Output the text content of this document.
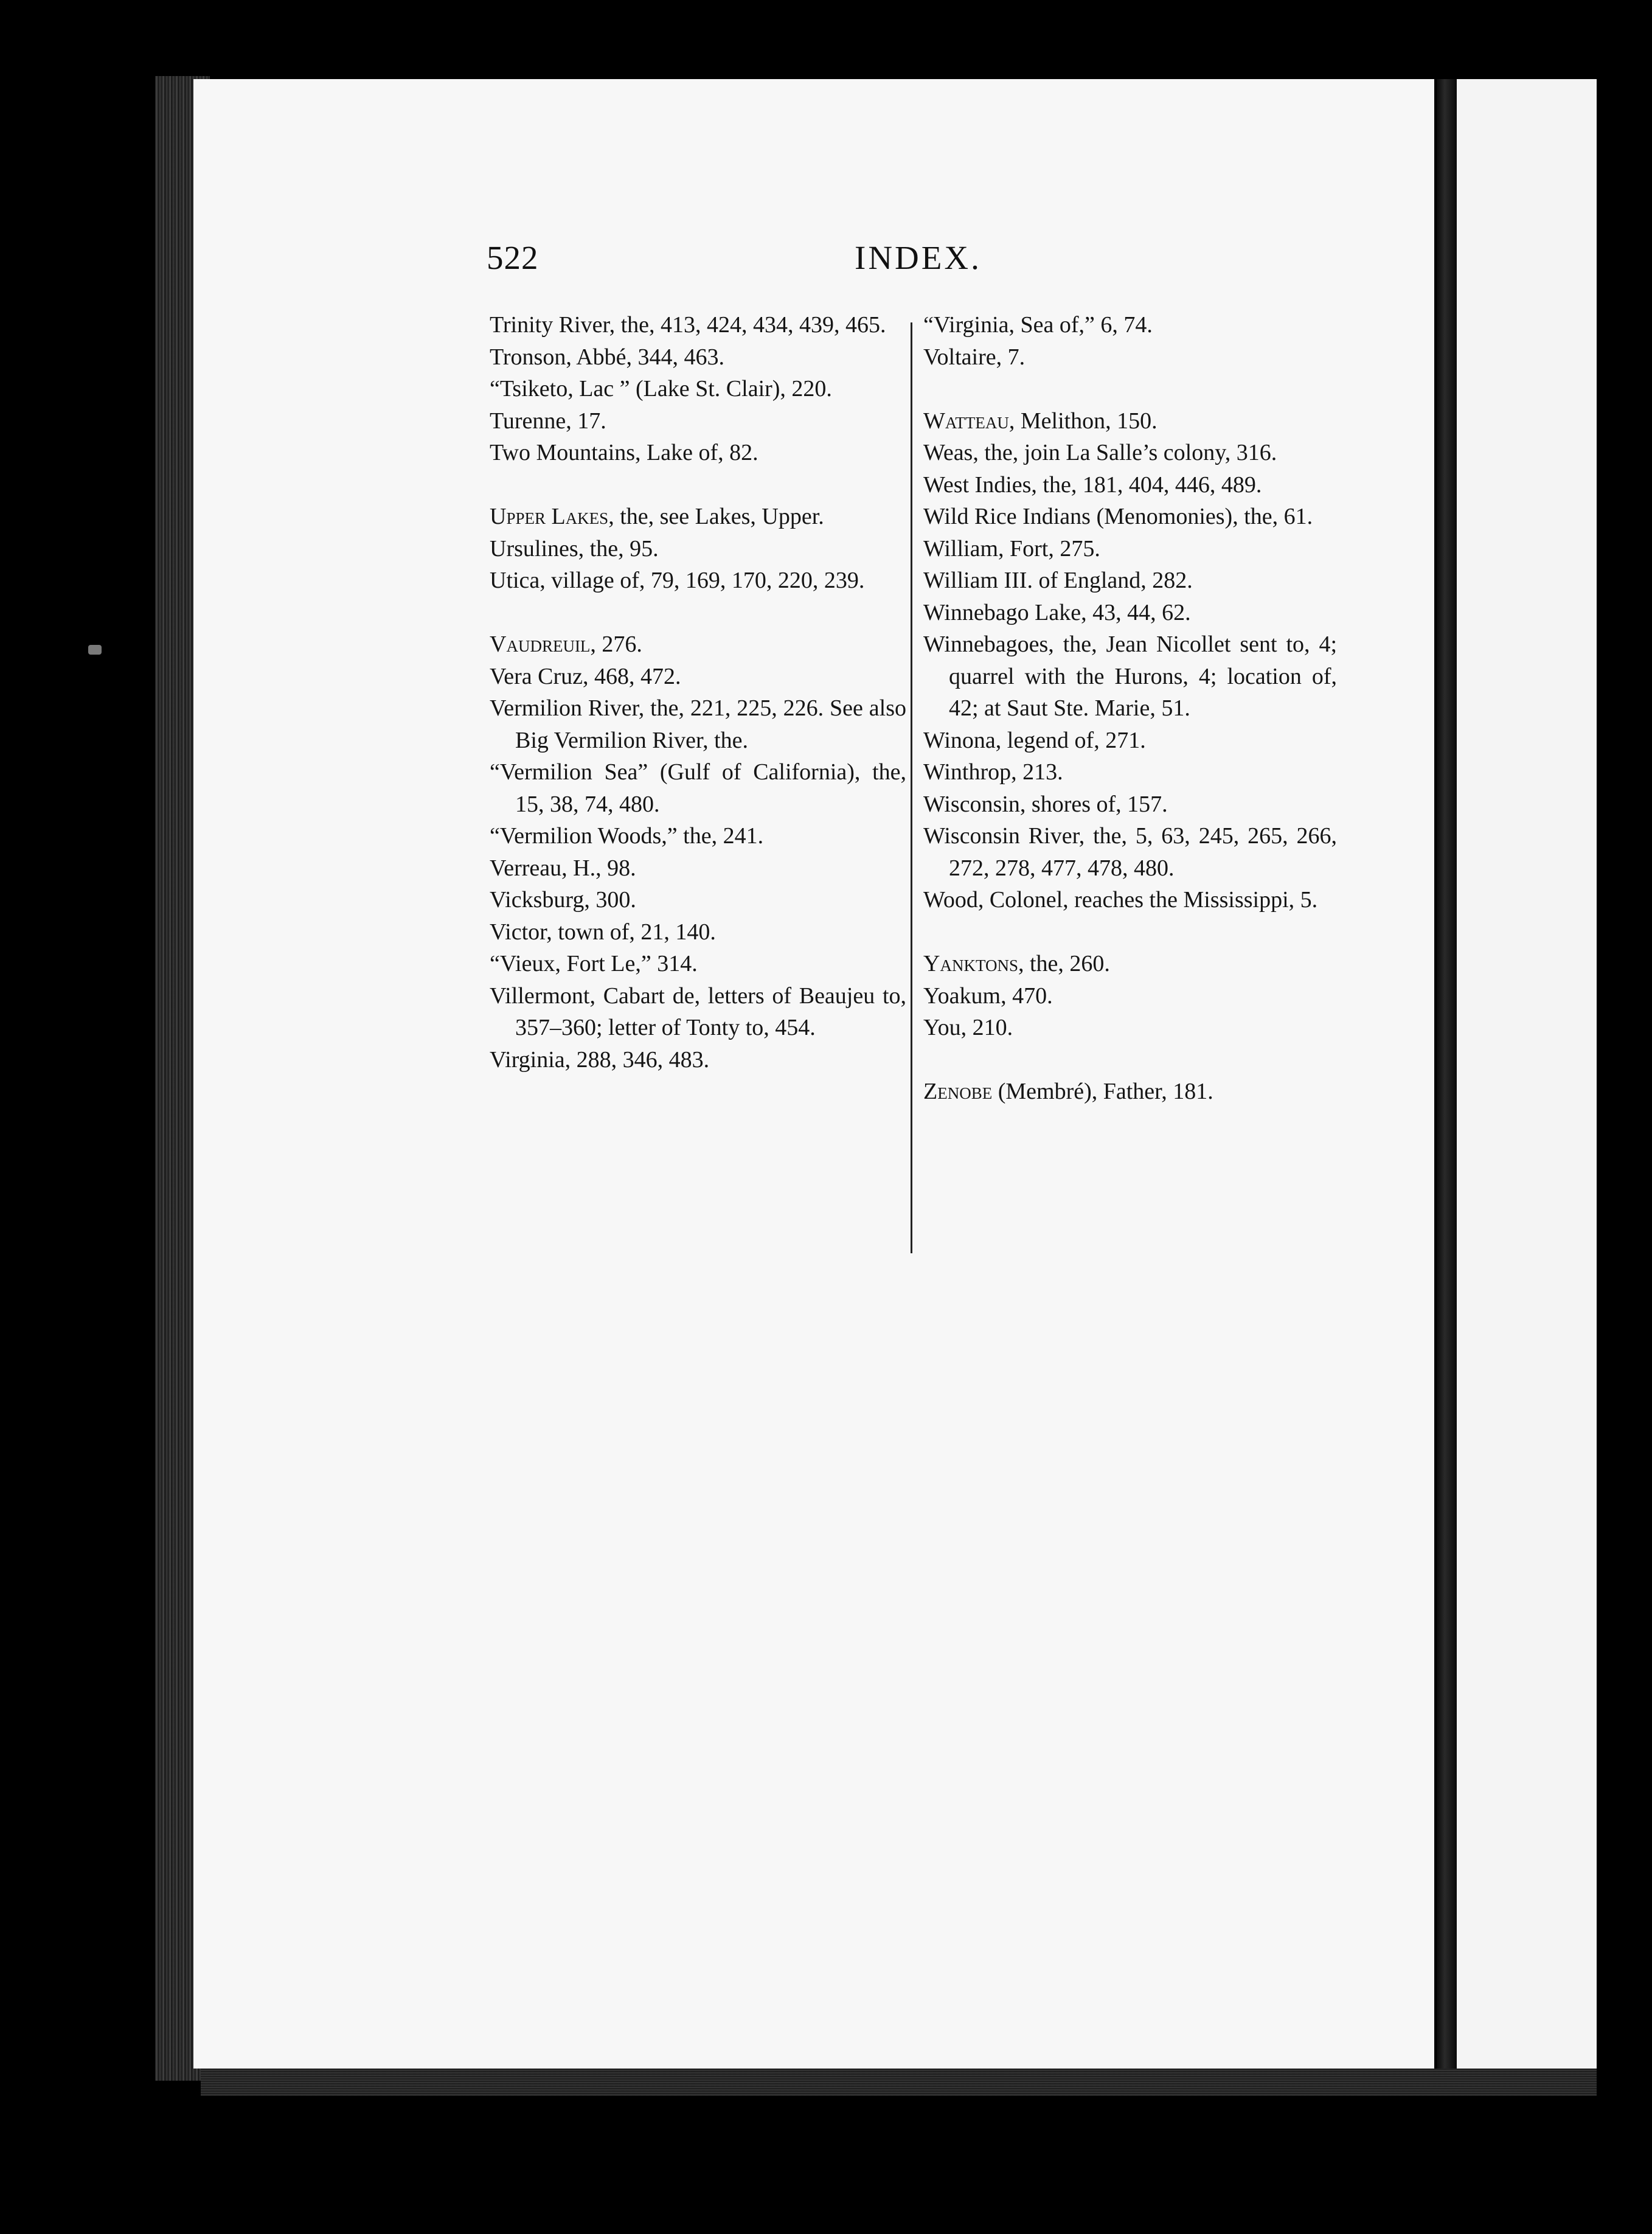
522	INDEX.
Trinity River, the, 413, 424, 434, 439, 465.
Tronson, Abbé, 344, 463.
“Tsiketo, Lac ” (Lake St. Clair), 220.
Turenne, 17.
Two Mountains, Lake of, 82.
Upper Lakes, the, see Lakes, Upper.
Ursulines, the, 95.
Utica, village of, 79, 169, 170, 220, 239.
Vaudreuil, 276.
Vera Cruz, 468, 472.
Vermilion River, the, 221, 225, 226. See also Big Vermilion River, the.
“Vermilion Sea” (Gulf of California), the, 15, 38, 74, 480.
“Vermilion Woods,” the, 241.
Verreau, H., 98.
Vicksburg, 300.
Victor, town of, 21, 140.
“Vieux, Fort Le,” 314.
Villermont, Cabart de, letters of Beaujeu to, 357–360; letter of Tonty to, 454.
Virginia, 288, 346, 483.
“Virginia, Sea of,” 6, 74.
Voltaire, 7.
Watteau, Melithon, 150.
Weas, the, join La Salle’s colony, 316.
West Indies, the, 181, 404, 446, 489.
Wild Rice Indians (Menomonies), the, 61.
William, Fort, 275.
William III. of England, 282.
Winnebago Lake, 43, 44, 62.
Winnebagoes, the, Jean Nicollet sent to, 4; quarrel with the Hurons, 4; location of, 42; at Saut Ste. Marie, 51.
Winona, legend of, 271.
Winthrop, 213.
Wisconsin, shores of, 157.
Wisconsin River, the, 5, 63, 245, 265, 266, 272, 278, 477, 478, 480.
Wood, Colonel, reaches the Mississippi, 5.
Yanktons, the, 260.
Yoakum, 470.
You, 210.
Zenobe (Membré), Father, 181.
